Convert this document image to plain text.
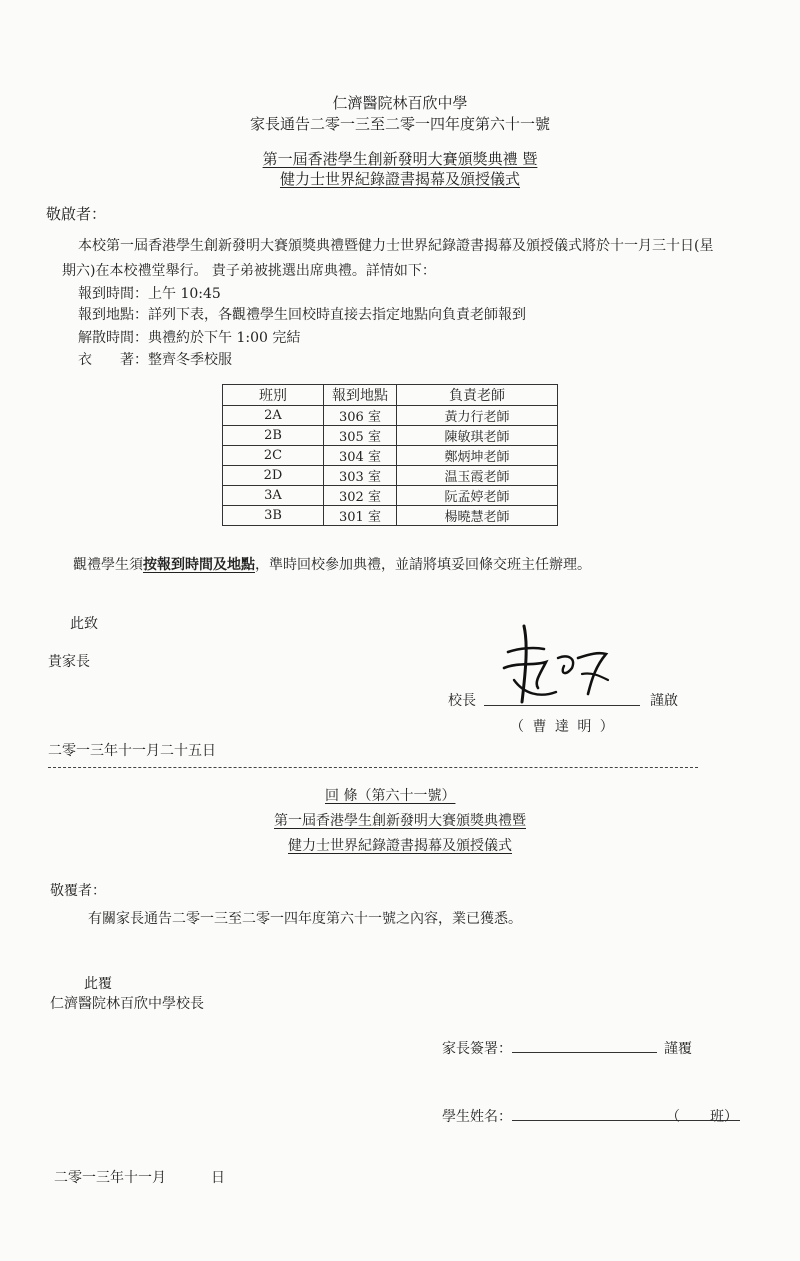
仁濟醫院林百欣中學
家長通告二零一三至二零一四年度第六十一號
第一屆香港學生創新發明大賽頒獎典禮 暨
健力士世界紀錄證書揭幕及頒授儀式
敬啟者：
本校第一屆香港學生創新發明大賽頒獎典禮暨健力士世界紀錄證書揭幕及頒授儀式將於十一月三十日(星
期六)在本校禮堂舉行。 貴子弟被挑選出席典禮。詳情如下：
報到時間：上午 10:45
報到地點：詳列下表，各觀禮學生回校時直接去指定地點向負責老師報到
解散時間：典禮約於下午 1:00 完結
衣　　著：整齊冬季校服
班別	報到地點	負責老師
2A	306 室	黃力行老師
2B	305 室	陳敏琪老師
2C	304 室	鄭炳坤老師
2D	303 室	温玉霞老師
3A	302 室	阮孟婷老師
3B	301 室	楊曉慧老師
觀禮學生須按報到時間及地點，準時回校參加典禮，並請將填妥回條交班主任辦理。
此致
貴家長
校長	謹啟
（ 曹 達 明 ）
二零一三年十一月二十五日
回 條（第六十一號）
第一屆香港學生創新發明大賽頒獎典禮暨
健力士世界紀錄證書揭幕及頒授儀式
敬覆者：
有關家長通告二零一三至二零一四年度第六十一號之內容，業已獲悉。
此覆
仁濟醫院林百欣中學校長
家長簽署：	謹覆
學生姓名：	（ 班）
二零一三年十一月	日
